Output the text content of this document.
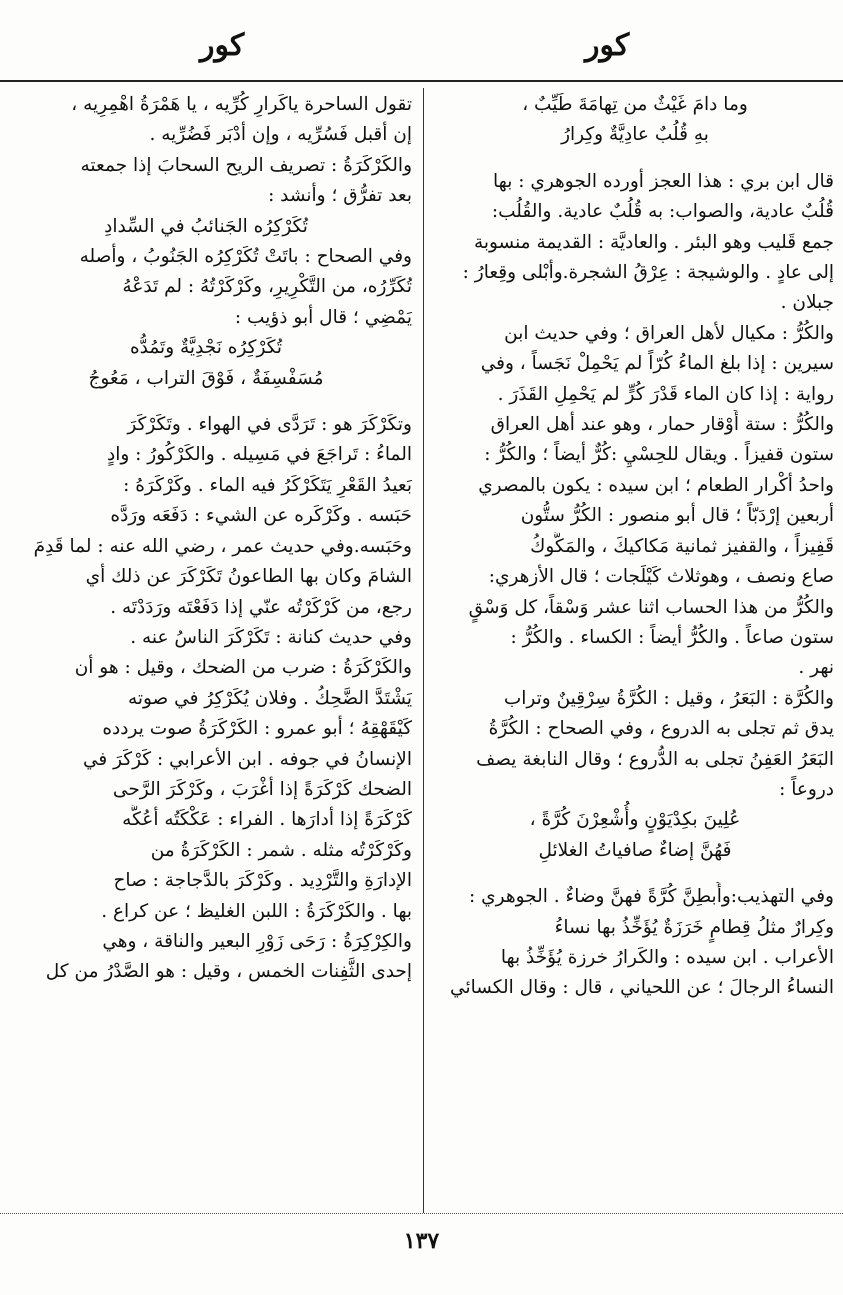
كور	كور
وما دامَ غَيْثٌ من تِهامَةَ طَيِّبٌ ،
بهِ قُلُبٌ عادِيَّةٌ وكِرارُ
قال ابن بري : هذا العجز أورده الجوهري : بها
قُلُبٌ عادية، والصواب: به قُلُبٌ عادية. والقُلُب:
جمع قَليب وهو البئر . والعاديَّة : القديمة منسوبة
إلى عادٍ . والوشيجة : عِرْقُ الشجرة.وأبْلى وقِعارُ :
جبلان .
والكُرُّ : مكيال لأهل العراق ؛ وفي حديث ابن
سيرين : إذا بلغ الماءُ كُرّاً لم يَحْمِلْ نَجَساً ، وفي
رواية : إذا كان الماء قَدْرَ كُرٍّ لم يَحْمِلِ القَذَرَ .
والكُرُّ : ستة أَوْقار حمار ، وهو عند أهل العراق
ستون قفيزاً . ويقال للحِسْيِ :كُرٌّ أيضاً ؛ والكُرُّ :
واحدُ أكْرار الطعام ؛ ابن سيده : يكون بالمصري
أربعين إرْدَبّاً ؛ قال أبو منصور : الكُرُّ ستُّون
قَفِيزاً ، والقفيز ثمانية مَكاكيكَ ، والمَكُّوكُ
صاع ونصف ، وهوثلاث كَيْلَجات ؛ قال الأزهري:
والكُرُّ من هذا الحساب اثنا عشر وَسْقاً، كل وَسْقٍ
ستون صاعاً . والكُرُّ أيضاً : الكساء . والكُرُّ :
نهر .
والكُرَّة : البَعَرُ ، وقيل : الكُرَّةُ سِرْقِينٌ وتراب
يدق ثم تجلى به الدروع ، وفي الصحاح : الكُرَّةُ
البَعَرُ العَفِنُ تجلى به الدُّروع ؛ وقال النابغة يصف
دروعاً :
عُلِينَ بكِدْيَوْنٍ وأُشْعِرْنَ كُرَّةً ،
فَهُنَّ إضاءٌ صافياتُ الغلائلِ
وفي التهذيب:وأُبطِنَّ كُرَّةً فهنَّ وضاءٌ . الجوهري :
وكِرارٌ مثلُ قِطامٍ خَرَزَةٌ يُؤَخِّذُ بها نساءُ
الأعراب . ابن سيده : والكَرارُ خرزة يُؤَخِّذُ بها
النساءُ الرجالَ ؛ عن اللحياني ، قال : وقال الكسائي
تقول الساحرة ياكَرارِ كُرِّيه ، يا هَمْرَةُ اهْمِرِيه ،
إن أقبل فَسُرِّيه ، وإن أدْبَر فَضُرِّيه .
والكَرْكَرَةُ : تصريف الريح السحابَ إذا جمعته
بعد تفرُّق ؛ وأنشد :
تُكَرْكِرُه الجَنائبُ في السِّدادِ
وفي الصحاح : باتَتْ تُكَرْكِرُه الجَنُوبُ ، وأصله
تُكَرِّرُه، من التَّكْرِيرِ، وكَرْكَرْتُهُ : لم تَدَعْهُ
يَمْضِي ؛ قال أبو ذؤيب :
تُكَرْكِرُه نَجْدِيَّةٌ وتَمُدُّه
مُسَفْسِفَةٌ ، فَوْقَ التراب ، مَعُوجُ
وتكَرْكَرَ هو : تَرَدَّى في الهواء . وتَكَرْكَرَ
الماءُ : تَراجَعَ في مَسِيله . والكَرْكُورُ : وادٍ
بَعيدُ القَعْرِ يَتَكَرْكَرُ فيه الماء . وكَرْكَرَهُ :
حَبَسه . وكَرْكَره عن الشيء : دَفَعَه ورَدَّه
وحَبَسه.وفي حديث عمر ، رضي الله عنه : لما قَدِمَ
الشامَ وكان بها الطاعونُ تَكَرْكَرَ عن ذلك أي
رجع، من كَرْكَرْتُه عنّي إذا دَفَعْتَه ورَدَدْتَه .
وفي حديث كنانة : تَكَرْكَرَ الناسُ عنه .
والكَرْكَرَةُ : ضرب من الضحك ، وقيل : هو أن
يَشْتَدَّ الضَّحِكُ . وفلان يُكَرْكِرُ في صوته
كَيْقَهْقِهُ ؛ أبو عمرو : الكَرْكَرَةُ صوت يردده
الإنسانُ في جوفه . ابن الأعرابي : كَرْكَرَ في
الضحك كَرْكَرَةً إذا أغْرَبَ ، وكَرْكَرَ الرَّحى
كَرْكَرَةً إذا أدارَها . الفراء : عَكْكَتُه أعُكُّه
وكَرْكَرْتُه مثله . شمر : الكَرْكَرَةُ من
الإدارَةِ والتَّرْدِيد . وكَرْكَرَ بالدَّجاجة : صاح
بها . والكَرْكَرَةُ : اللبن الغليظ ؛ عن كراع .
والكِرْكِرَةُ : رَحَى زَوْرِ البعير والناقة ، وهي
إحدى الثَّفِنات الخمس ، وقيل : هو الصَّدْرُ من كل
١٣٧
